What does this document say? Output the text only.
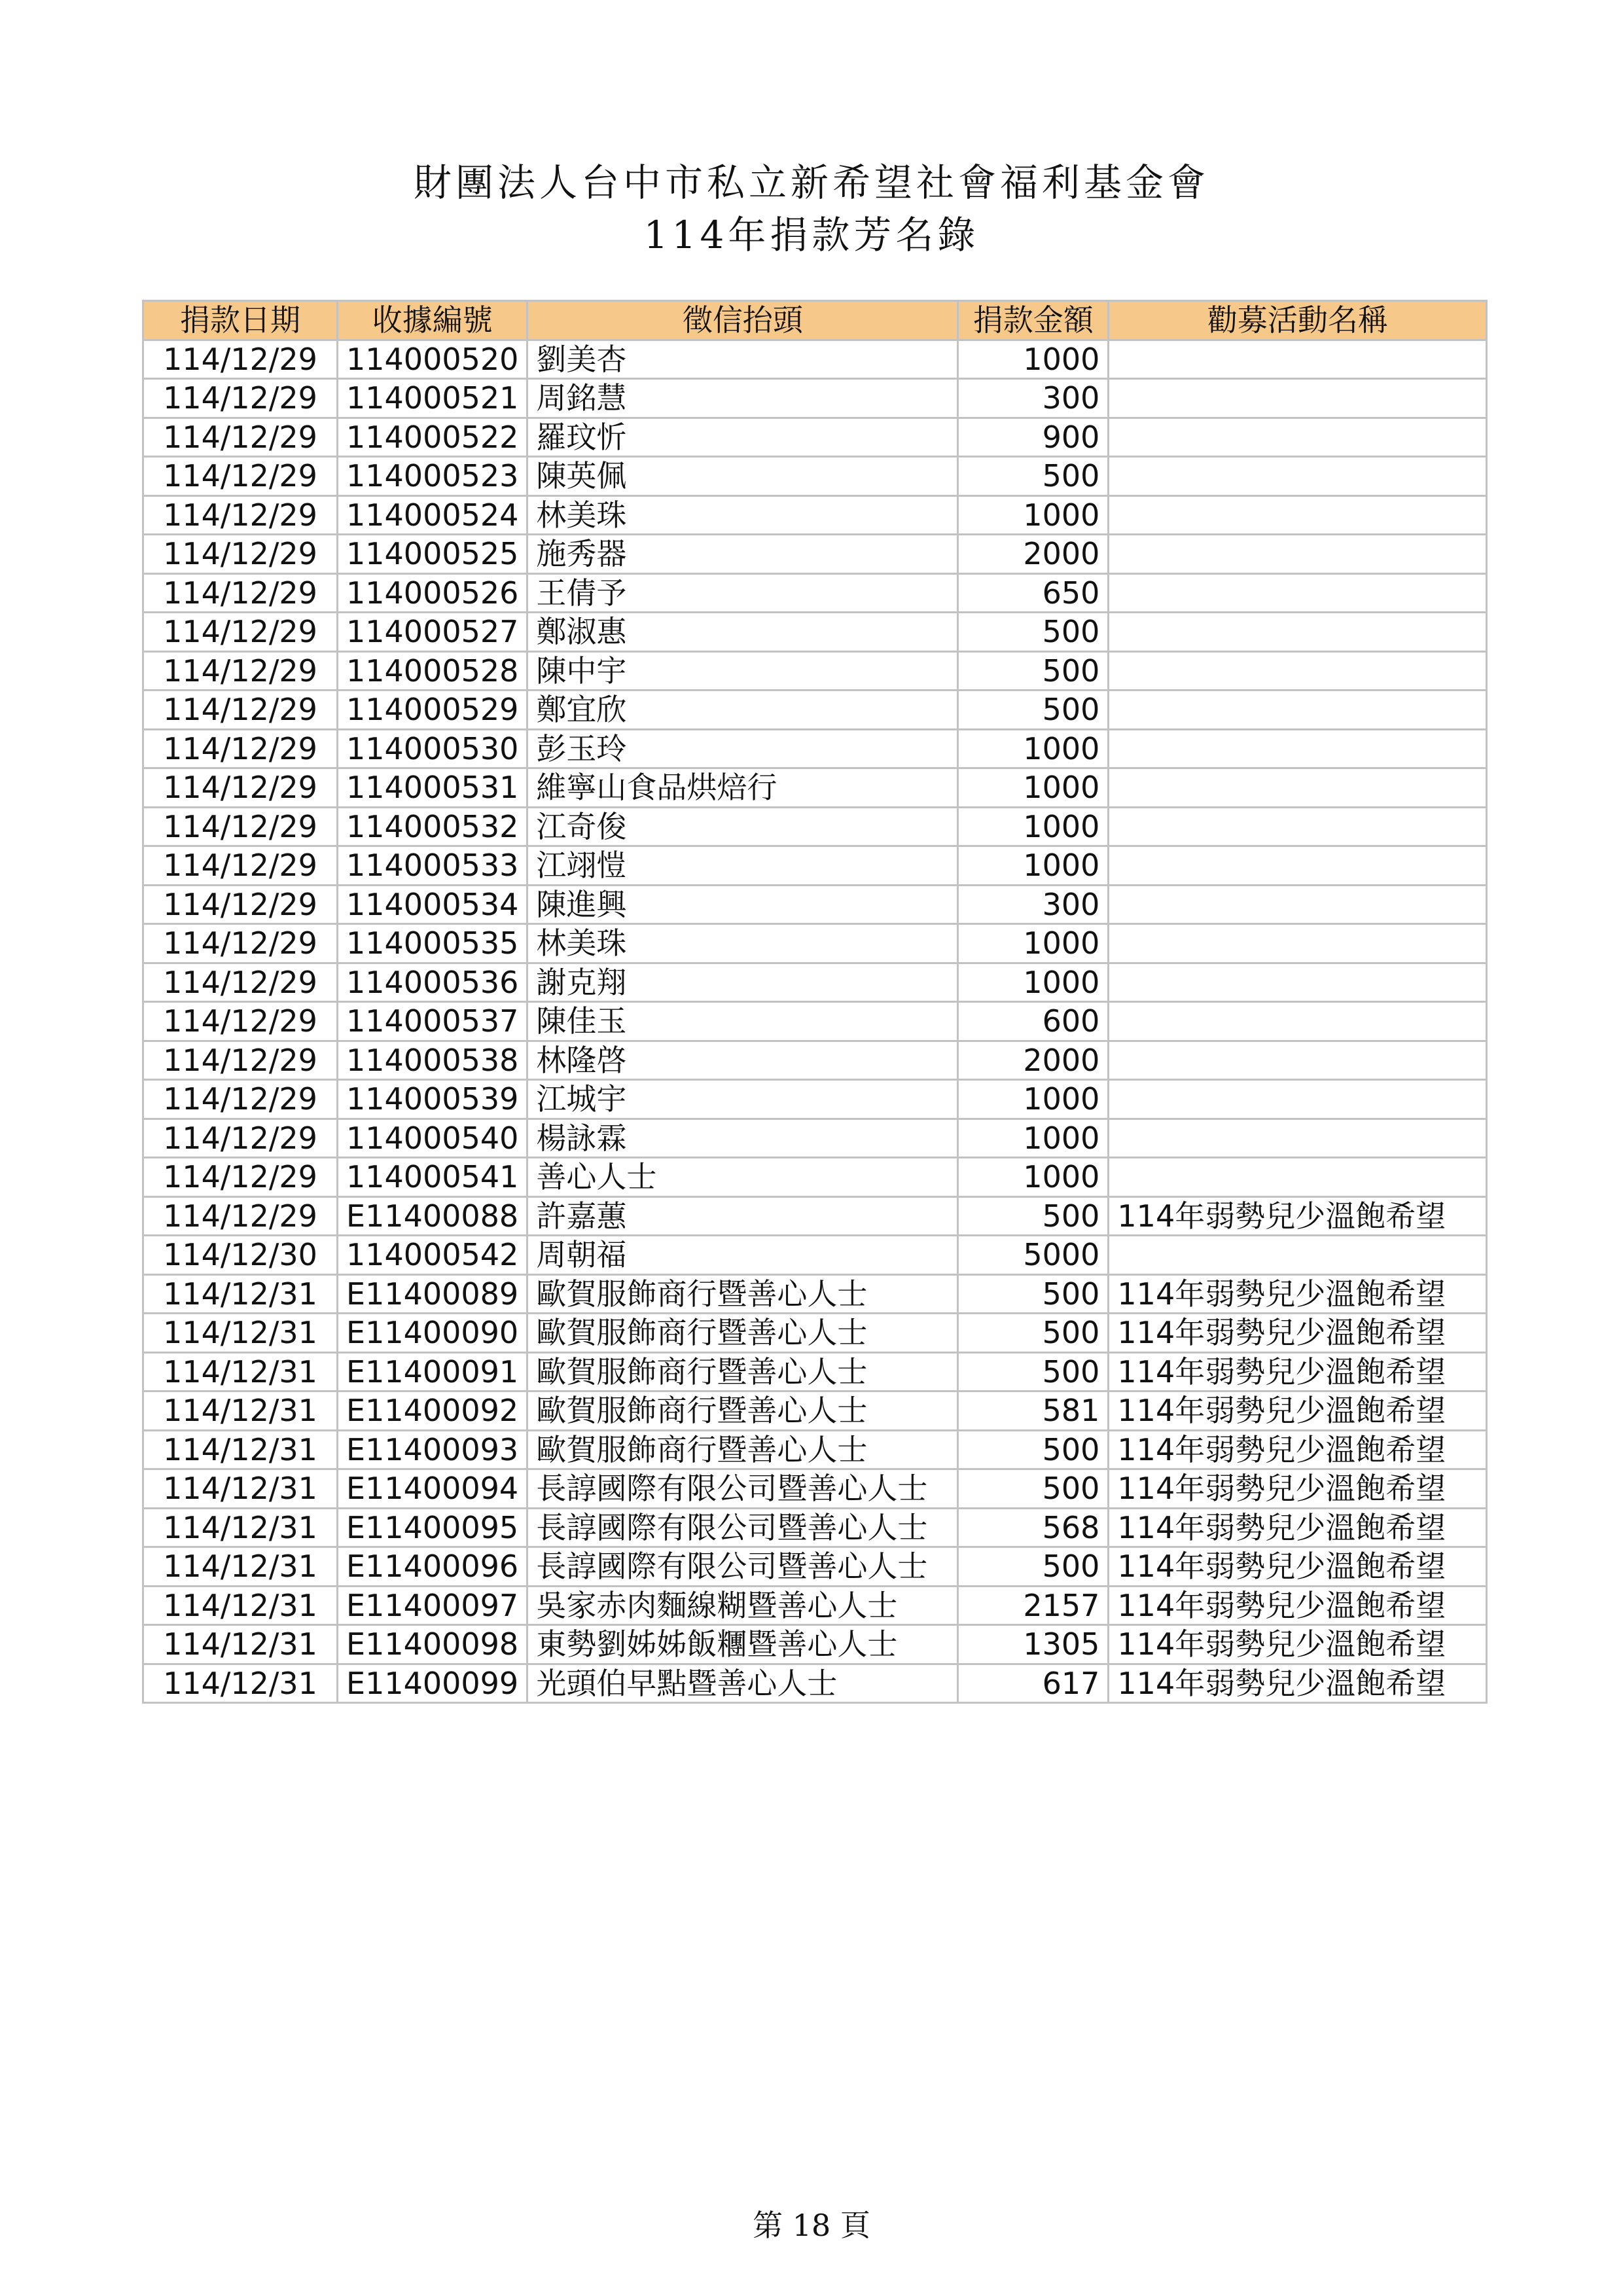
財團法人台中市私立新希望社會福利基金會
114年捐款芳名錄
捐款日期	收據編號	徵信抬頭	捐款金額	勸募活動名稱
114/12/29	114000520	劉美杏	1000	
114/12/29	114000521	周銘慧	300	
114/12/29	114000522	羅玟忻	900	
114/12/29	114000523	陳英佩	500	
114/12/29	114000524	林美珠	1000	
114/12/29	114000525	施秀器	2000	
114/12/29	114000526	王倩予	650	
114/12/29	114000527	鄭淑惠	500	
114/12/29	114000528	陳中宇	500	
114/12/29	114000529	鄭宜欣	500	
114/12/29	114000530	彭玉玲	1000	
114/12/29	114000531	維寧山食品烘焙行	1000	
114/12/29	114000532	江奇俊	1000	
114/12/29	114000533	江翊愷	1000	
114/12/29	114000534	陳進興	300	
114/12/29	114000535	林美珠	1000	
114/12/29	114000536	謝克翔	1000	
114/12/29	114000537	陳佳玉	600	
114/12/29	114000538	林隆啓	2000	
114/12/29	114000539	江城宇	1000	
114/12/29	114000540	楊詠霖	1000	
114/12/29	114000541	善心人士	1000	
114/12/29	E11400088	許嘉蕙	500	114年弱勢兒少溫飽希望
114/12/30	114000542	周朝福	5000	
114/12/31	E11400089	歐賀服飾商行暨善心人士	500	114年弱勢兒少溫飽希望
114/12/31	E11400090	歐賀服飾商行暨善心人士	500	114年弱勢兒少溫飽希望
114/12/31	E11400091	歐賀服飾商行暨善心人士	500	114年弱勢兒少溫飽希望
114/12/31	E11400092	歐賀服飾商行暨善心人士	581	114年弱勢兒少溫飽希望
114/12/31	E11400093	歐賀服飾商行暨善心人士	500	114年弱勢兒少溫飽希望
114/12/31	E11400094	長諄國際有限公司暨善心人士	500	114年弱勢兒少溫飽希望
114/12/31	E11400095	長諄國際有限公司暨善心人士	568	114年弱勢兒少溫飽希望
114/12/31	E11400096	長諄國際有限公司暨善心人士	500	114年弱勢兒少溫飽希望
114/12/31	E11400097	吳家赤肉麵線糊暨善心人士	2157	114年弱勢兒少溫飽希望
114/12/31	E11400098	東勢劉姊姊飯糰暨善心人士	1305	114年弱勢兒少溫飽希望
114/12/31	E11400099	光頭伯早點暨善心人士	617	114年弱勢兒少溫飽希望
第 18 頁
